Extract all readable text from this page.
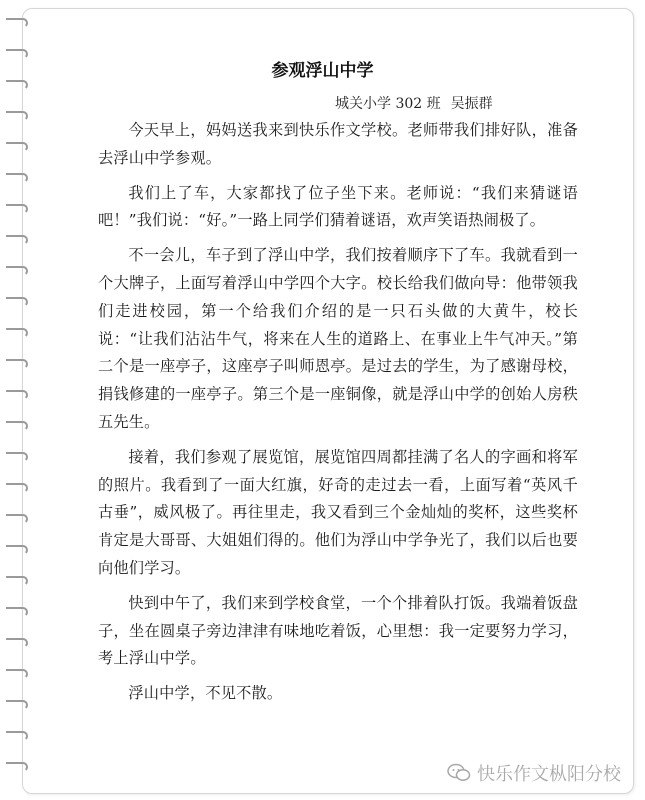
参观浮山中学
城关小学 302 班 吴振群

今天早上，妈妈送我来到快乐作文学校。老师带我们排好队，准备去浮山中学参观。

我们上了车，大家都找了位子坐下来。老师说：“我们来猜谜语吧！”我们说：“好。”一路上同学们猜着谜语，欢声笑语热闹极了。

不一会儿，车子到了浮山中学，我们按着顺序下了车。我就看到一个大牌子，上面写着浮山中学四个大字。校长给我们做向导：他带领我们走进校园，第一个给我们介绍的是一只石头做的大黄牛，校长说：“让我们沾沾牛气，将来在人生的道路上、在事业上牛气冲天。”第二个是一座亭子，这座亭子叫师恩亭。是过去的学生，为了感谢母校，捐钱修建的一座亭子。第三个是一座铜像，就是浮山中学的创始人房秩五先生。

接着，我们参观了展览馆，展览馆四周都挂满了名人的字画和将军的照片。我看到了一面大红旗，好奇的走过去一看，上面写着“英风千古垂”，威风极了。再往里走，我又看到三个金灿灿的奖杯，这些奖杯肯定是大哥哥、大姐姐们得的。他们为浮山中学争光了，我们以后也要向他们学习。

快到中午了，我们来到学校食堂，一个个排着队打饭。我端着饭盘子，坐在圆桌子旁边津津有味地吃着饭，心里想：我一定要努力学习，考上浮山中学。

浮山中学，不见不散。

快乐作文枞阳分校
